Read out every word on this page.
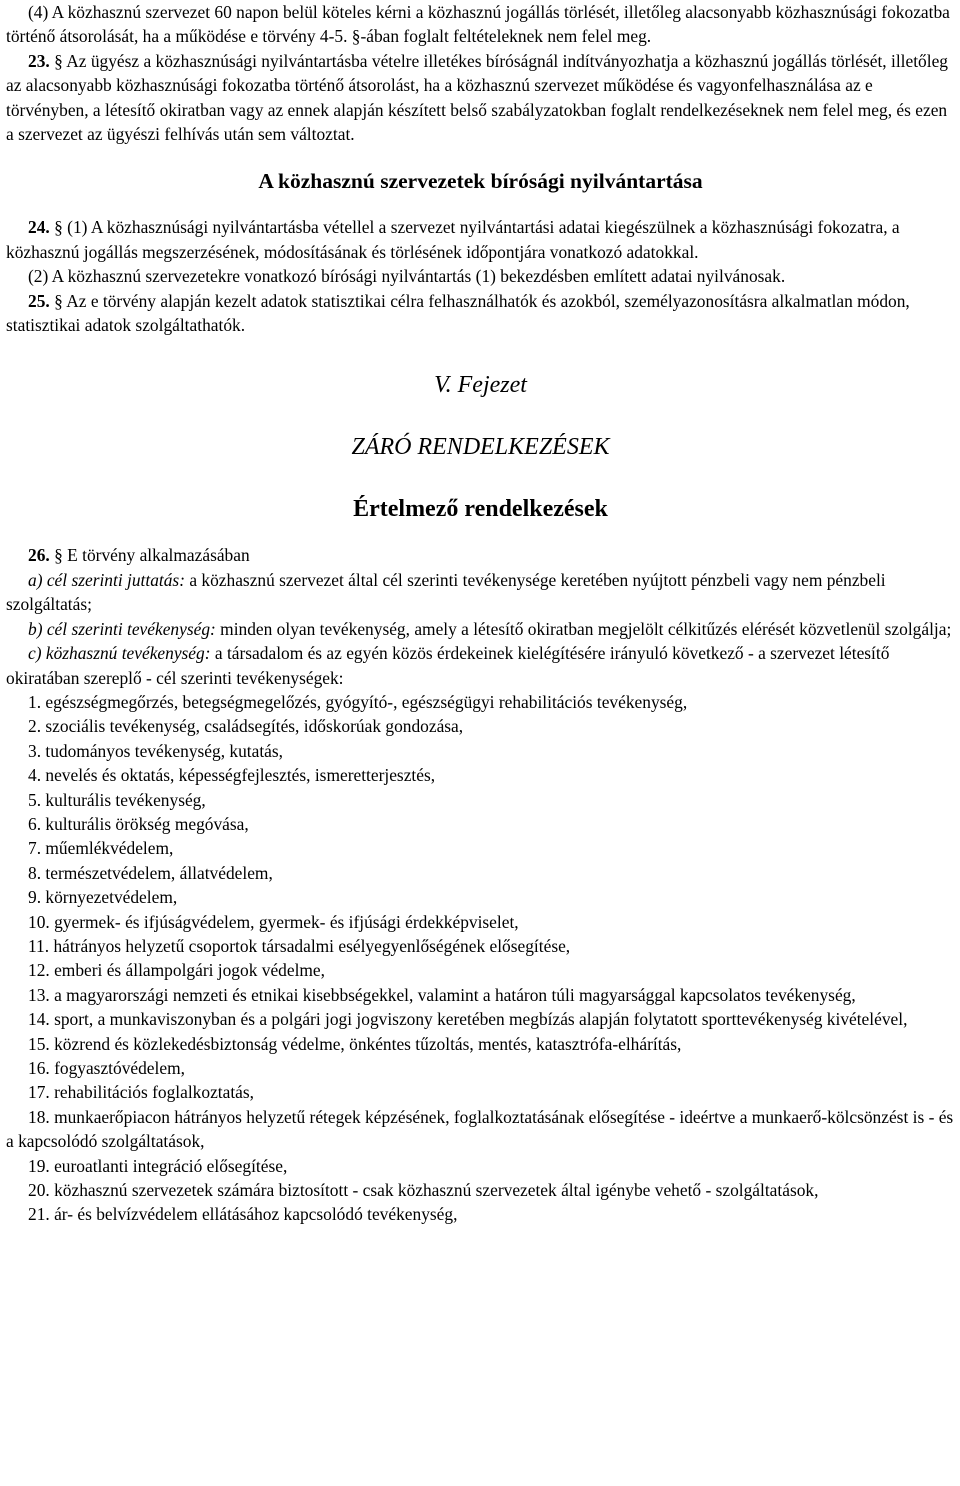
(4) A közhasznú szervezet 60 napon belül köteles kérni a közhasznú jogállás törlését, illetőleg alacsonyabb közhasznúsági fokozatba történő átsorolását, ha a működése e törvény 4-5. §-ában foglalt feltételeknek nem felel meg.

23. § Az ügyész a közhasznúsági nyilvántartásba vételre illetékes bíróságnál indítványozhatja a közhasznú jogállás törlését, illetőleg az alacsonyabb közhasznúsági fokozatba történő átsorolást, ha a közhasznú szervezet működése és vagyonfelhasználása az e törvényben, a létesítő okiratban vagy az ennek alapján készített belső szabályzatokban foglalt rendelkezéseknek nem felel meg, és ezen a szervezet az ügyészi felhívás után sem változtat.

A közhasznú szervezetek bírósági nyilvántartása

24. § (1) A közhasznúsági nyilvántartásba vétellel a szervezet nyilvántartási adatai kiegészülnek a közhasznúsági fokozatra, a közhasznú jogállás megszerzésének, módosításának és törlésének időpontjára vonatkozó adatokkal.

(2) A közhasznú szervezetekre vonatkozó bírósági nyilvántartás (1) bekezdésben említett adatai nyilvánosak.

25. § Az e törvény alapján kezelt adatok statisztikai célra felhasználhatók és azokból, személyazonosításra alkalmatlan módon, statisztikai adatok szolgáltathatók.

V. Fejezet
ZÁRÓ RENDELKEZÉSEK
Értelmező rendelkezések

26. § E törvény alkalmazásában

a) cél szerinti juttatás: a közhasznú szervezet által cél szerinti tevékenysége keretében nyújtott pénzbeli vagy nem pénzbeli szolgáltatás;

b) cél szerinti tevékenység: minden olyan tevékenység, amely a létesítő okiratban megjelölt célkitűzés elérését közvetlenül szolgálja;

c) közhasznú tevékenység: a társadalom és az egyén közös érdekeinek kielégítésére irányuló következő - a szervezet létesítő okiratában szereplő - cél szerinti tevékenységek:

1. egészségmegőrzés, betegségmegelőzés, gyógyító-, egészségügyi rehabilitációs tevékenység,

2. szociális tevékenység, családsegítés, időskorúak gondozása,

3. tudományos tevékenység, kutatás,

4. nevelés és oktatás, képességfejlesztés, ismeretterjesztés,

5. kulturális tevékenység,

6. kulturális örökség megóvása,

7. műemlékvédelem,

8. természetvédelem, állatvédelem,

9. környezetvédelem,

10. gyermek- és ifjúságvédelem, gyermek- és ifjúsági érdekképviselet,

11. hátrányos helyzetű csoportok társadalmi esélyegyenlőségének elősegítése,

12. emberi és állampolgári jogok védelme,

13. a magyarországi nemzeti és etnikai kisebbségekkel, valamint a határon túli magyarsággal kapcsolatos tevékenység,

14. sport, a munkaviszonyban és a polgári jogi jogviszony keretében megbízás alapján folytatott sporttevékenység kivételével,

15. közrend és közlekedésbiztonság védelme, önkéntes tűzoltás, mentés, katasztrófa-elhárítás,

16. fogyasztóvédelem,

17. rehabilitációs foglalkoztatás,

18. munkaerőpiacon hátrányos helyzetű rétegek képzésének, foglalkoztatásának elősegítése - ideértve a munkaerő-kölcsönzést is - és a kapcsolódó szolgáltatások,

19. euroatlanti integráció elősegítése,

20. közhasznú szervezetek számára biztosított - csak közhasznú szervezetek által igénybe vehető - szolgáltatások,

21. ár- és belvízvédelem ellátásához kapcsolódó tevékenység,
